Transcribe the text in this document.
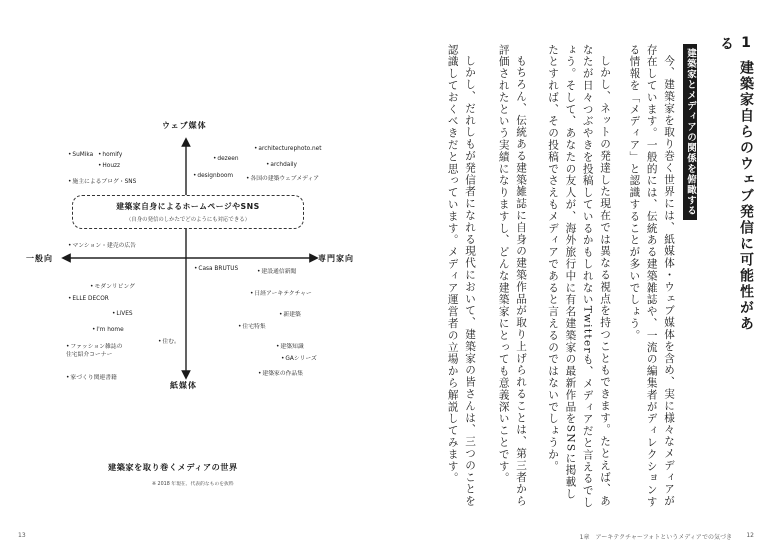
ウェブ媒体
紙媒体
一般向	専門家向
建築家自身によるホームページやSNS
（自身の発信のしかたでどのようにも対応できる）
• SuMika	• homify
• Houzz
• 施主によるブログ・SNS
• architecturephoto.net
• dezeen
• archdaily
• designboom	• 各国の建築ウェブメディア
• マンション・建売の広告
• モダンリビング
• ELLE DECOR
• LiVES
• I'm home
• 住む。
• ファッション雑誌の
住宅紹介コーナー
• 家づくり関連書籍
• Casa BRUTUS	• 建設通信新聞
• 日経アーキテクチャー
• 新建築
• 住宅特集
• 建築知識
• GAシリーズ
• 建築家の作品集
建築家を取り巻くメディアの世界
※ 2018 年現在、代表的なものを抜粋
13
1建築家自らのウェブ発信に可能性がある
建築家とメディアの関係を俯瞰する
今、建築家を取り巻く世界には、紙媒体・ウェブ媒体を含め、実に様々なメディアが存在しています。一般的には、伝統ある建築雑誌や、一流の編集者がディレクションする情報を「メディア」と認識することが多いでしょう。
しかし、ネットの発達した現在では異なる視点を持つこともできます。たとえば、あなたが日々つぶやきを投稿しているかもしれないTwitterも、メディアだと言えるでしょう。そして、あなたの友人が、海外旅行中に有名建築家の最新作品をSNSに掲載したとすれば、その投稿でさえもメディアであると言えるのではないでしょうか。
もちろん、伝統ある建築雑誌に自身の建築作品が取り上げられることは、第三者から評価されたという実績になりますし、どんな建築家にとっても意義深いことです。
しかし、だれしもが発信者になれる現代において、建築家の皆さんは、三つのことを認識しておくべきだと思っています。メディア運営者の立場から解説してみます。
1章　アーキテクチャーフォトというメディアでの気づき 12
